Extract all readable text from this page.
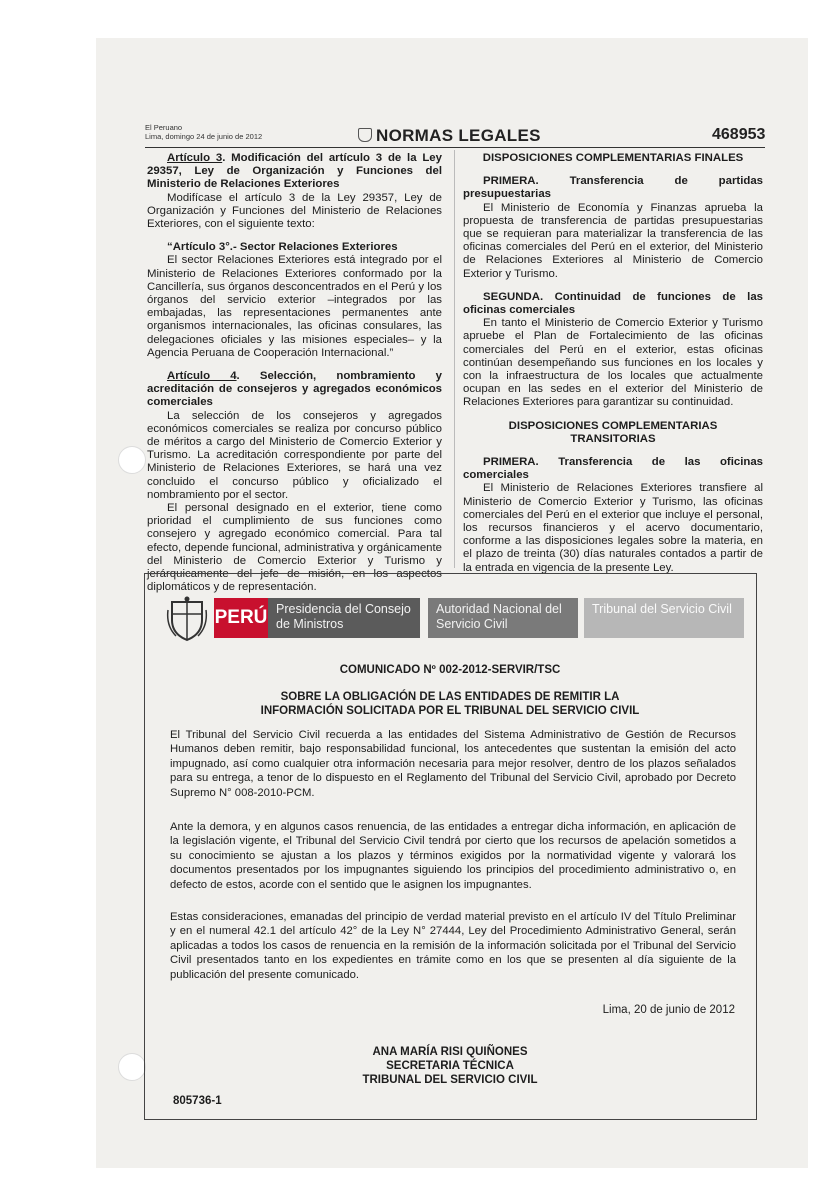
El Peruano
Lima, domingo 24 de junio de 2012	NORMAS LEGALES	468953

Artículo 3. Modificación del artículo 3 de la Ley 29357, Ley de Organización y Funciones del Ministerio de Relaciones Exteriores

Modifícase el artículo 3 de la Ley 29357, Ley de Organización y Funciones del Ministerio de Relaciones Exteriores, con el siguiente texto:

“Artículo 3°.- Sector Relaciones Exteriores

El sector Relaciones Exteriores está integrado por el Ministerio de Relaciones Exteriores conformado por la Cancillería, sus órganos desconcentrados en el Perú y los órganos del servicio exterior –integrados por las embajadas, las representaciones permanentes ante organismos internacionales, las oficinas consulares, las delegaciones oficiales y las misiones especiales– y la Agencia Peruana de Cooperación Internacional.”

Artículo 4. Selección, nombramiento y acreditación de consejeros y agregados económicos comerciales

La selección de los consejeros y agregados económicos comerciales se realiza por concurso público de méritos a cargo del Ministerio de Comercio Exterior y Turismo. La acreditación correspondiente por parte del Ministerio de Relaciones Exteriores, se hará una vez concluido el concurso público y oficializado el nombramiento por el sector.

El personal designado en el exterior, tiene como prioridad el cumplimiento de sus funciones como consejero y agregado económico comercial. Para tal efecto, depende funcional, administrativa y orgánicamente del Ministerio de Comercio Exterior y Turismo y jerárquicamente del jefe de misión, en los aspectos diplomáticos y de representación.

DISPOSICIONES COMPLEMENTARIAS FINALES

PRIMERA. Transferencia de partidas presupuestarias

El Ministerio de Economía y Finanzas aprueba la propuesta de transferencia de partidas presupuestarias que se requieran para materializar la transferencia de las oficinas comerciales del Perú en el exterior, del Ministerio de Relaciones Exteriores al Ministerio de Comercio Exterior y Turismo.

SEGUNDA. Continuidad de funciones de las oficinas comerciales

En tanto el Ministerio de Comercio Exterior y Turismo apruebe el Plan de Fortalecimiento de las oficinas comerciales del Perú en el exterior, estas oficinas continúan desempeñando sus funciones en los locales y con la infraestructura de los locales que actualmente ocupan en las sedes en el exterior del Ministerio de Relaciones Exteriores para garantizar su continuidad.

DISPOSICIONES COMPLEMENTARIAS
TRANSITORIAS

PRIMERA. Transferencia de las oficinas comerciales

El Ministerio de Relaciones Exteriores transfiere al Ministerio de Comercio Exterior y Turismo, las oficinas comerciales del Perú en el exterior que incluye el personal, los recursos financieros y el acervo documentario, conforme a las disposiciones legales sobre la materia, en el plazo de treinta (30) días naturales contados a partir de la entrada en vigencia de la presente Ley.

PERÚ Presidencia del Consejo de Ministros
Autoridad Nacional del Servicio Civil
Tribunal del Servicio Civil
COMUNICADO Nº 002-2012-SERVIR/TSC
SOBRE LA OBLIGACIÓN DE LAS ENTIDADES DE REMITIR LA
INFORMACIÓN SOLICITADA POR EL TRIBUNAL DEL SERVICIO CIVIL

El Tribunal del Servicio Civil recuerda a las entidades del Sistema Administrativo de Gestión de Recursos Humanos deben remitir, bajo responsabilidad funcional, los antecedentes que sustentan la emisión del acto impugnado, así como cualquier otra información necesaria para mejor resolver, dentro de los plazos señalados para su entrega, a tenor de lo dispuesto en el Reglamento del Tribunal del Servicio Civil, aprobado por Decreto Supremo N° 008-2010-PCM.

Ante la demora, y en algunos casos renuencia, de las entidades a entregar dicha información, en aplicación de la legislación vigente, el Tribunal del Servicio Civil tendrá por cierto que los recursos de apelación sometidos a su conocimiento se ajustan a los plazos y términos exigidos por la normatividad vigente y valorará los documentos presentados por los impugnantes siguiendo los principios del procedimiento administrativo o, en defecto de estos, acorde con el sentido que le asignen los impugnantes.

Estas consideraciones, emanadas del principio de verdad material previsto en el artículo IV del Título Preliminar y en el numeral 42.1 del artículo 42° de la Ley N° 27444, Ley del Procedimiento Administrativo General, serán aplicadas a todos los casos de renuencia en la remisión de la información solicitada por el Tribunal del Servicio Civil presentados tanto en los expedientes en trámite como en los que se presenten al día siguiente de la publicación del presente comunicado.

Lima, 20 de junio de 2012
ANA MARÍA RISI QUIÑONES
SECRETARIA TÉCNICA
TRIBUNAL DEL SERVICIO CIVIL
805736-1
